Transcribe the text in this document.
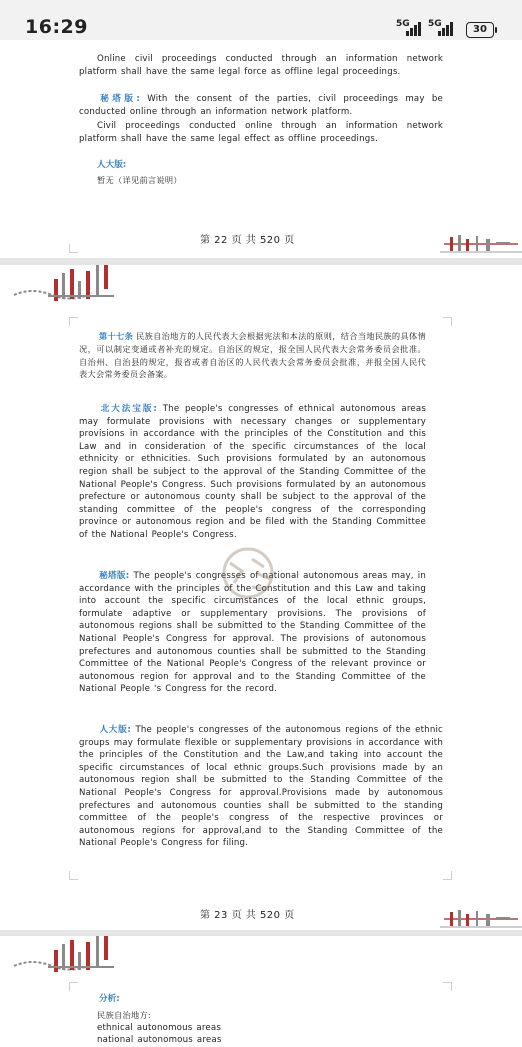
16:29	5G 5G	30
Online civil proceedings conducted through an information network platform shall have the same legal force as offline legal proceedings.
秘塔版: With the consent of the parties, civil proceedings may be conducted online through an information network platform.
Civil proceedings conducted online through an information network platform shall have the same legal effect as offline proceedings.
人大版:
暂无（详见前言说明）
第 22 页 共 520 页
第十七条 民族自治地方的人民代表大会根据宪法和本法的原则，结合当地民族的具体情况，可以制定变通或者补充的规定。自治区的规定，报全国人民代表大会常务委员会批准。自治州、自治县的规定，报省或者自治区的人民代表大会常务委员会批准，并报全国人民代表大会常务委员会备案。
北大法宝版: The people's congresses of ethnical autonomous areas may formulate provisions with necessary changes or supplementary provisions in accordance with the principles of the Constitution and this Law and in consideration of the specific circumstances of the local ethnicity or ethnicities. Such provisions formulated by an autonomous region shall be subject to the approval of the Standing Committee of the National People's Congress. Such provisions formulated by an autonomous prefecture or autonomous county shall be subject to the approval of the standing committee of the people's congress of the corresponding province or autonomous region and be filed with the Standing Committee of the National People's Congress.
秘塔版: The people's congresses of national autonomous areas may, in accordance with the principles of the Constitution and this Law and taking into account the specific circumstances of the local ethnic groups, formulate adaptive or supplementary provisions. The provisions of autonomous regions shall be submitted to the Standing Committee of the National People's Congress for approval. The provisions of autonomous prefectures and autonomous counties shall be submitted to the Standing Committee of the National People's Congress of the relevant province or autonomous region for approval and to the Standing Committee of the National People 's Congress for the record.
人大版: The people's congresses of the autonomous regions of the ethnic groups may formulate flexible or supplementary provisions in accordance with the principles of the Constitution and the Law,and taking into account the specific circumstances of local ethnic groups.Such provisions made by an autonomous region shall be submitted to the Standing Committee of the National People's Congress for approval.Provisions made by autonomous prefectures and autonomous counties shall be submitted to the standing committee of the people's congress of the respective provinces or autonomous regions for approval,and to the Standing Committee of the National People's Congress for filing.
第 23 页 共 520 页
分析:
民族自治地方:
ethnical autonomous areas
national autonomous areas
